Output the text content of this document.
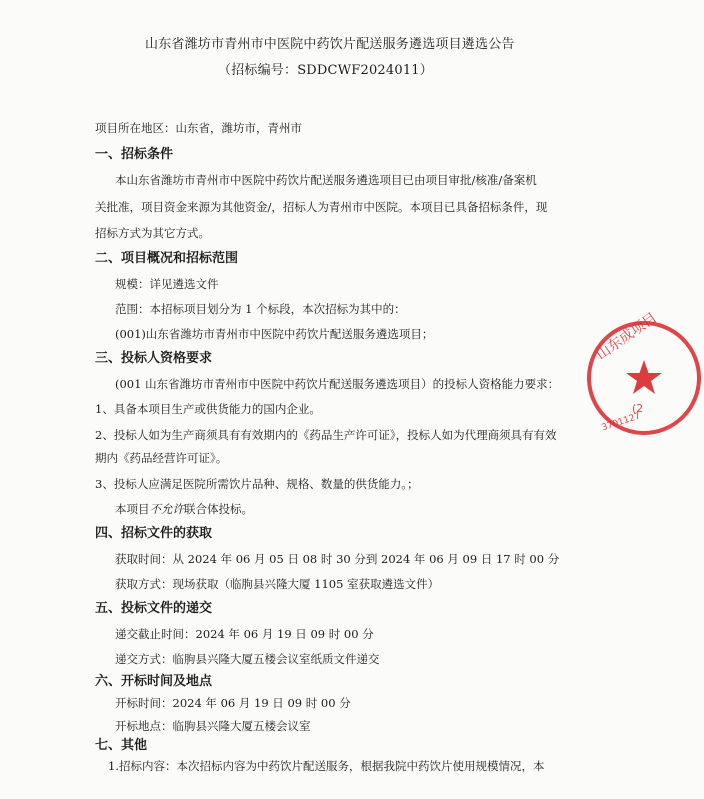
山东省潍坊市青州市中医院中药饮片配送服务遴选项目遴选公告
（招标编号：SDDCWF2024011）
项目所在地区：山东省，潍坊市，青州市
一、招标条件
本山东省潍坊市青州市中医院中药饮片配送服务遴选项目已由项目审批/核准/备案机
关批准，项目资金来源为其他资金/，招标人为青州市中医院。本项目已具备招标条件，现
招标方式为其它方式。
二、项目概况和招标范围
规模：详见遴选文件
范围：本招标项目划分为 1 个标段，本次招标为其中的：
(001)山东省潍坊市青州市中医院中药饮片配送服务遴选项目；
三、投标人资格要求
(001 山东省潍坊市青州市中医院中药饮片配送服务遴选项目）的投标人资格能力要求：
1、具备本项目生产或供货能力的国内企业。
2、投标人如为生产商须具有有效期内的《药品生产许可证》，投标人如为代理商须具有有效
期内《药品经营许可证》。
3、投标人应满足医院所需饮片品种、规格、数量的供货能力。；
本项目不允许联合体投标。
四、招标文件的获取
获取时间：从 2024 年 06 月 05 日 08 时 30 分到 2024 年 06 月 09 日 17 时 00 分
获取方式：现场获取（临朐县兴隆大厦 1105 室获取遴选文件）
五、投标文件的递交
递交截止时间：2024 年 06 月 19 日 09 时 00 分
递交方式：临朐县兴隆大厦五楼会议室纸质文件递交
六、开标时间及地点
开标时间：2024 年 06 月 19 日 09 时 00 分
开标地点：临朐县兴隆大厦五楼会议室
七、其他
1.招标内容：本次招标内容为中药饮片配送服务，根据我院中药饮片使用规模情况，本
山东成项目
(2
3701127
